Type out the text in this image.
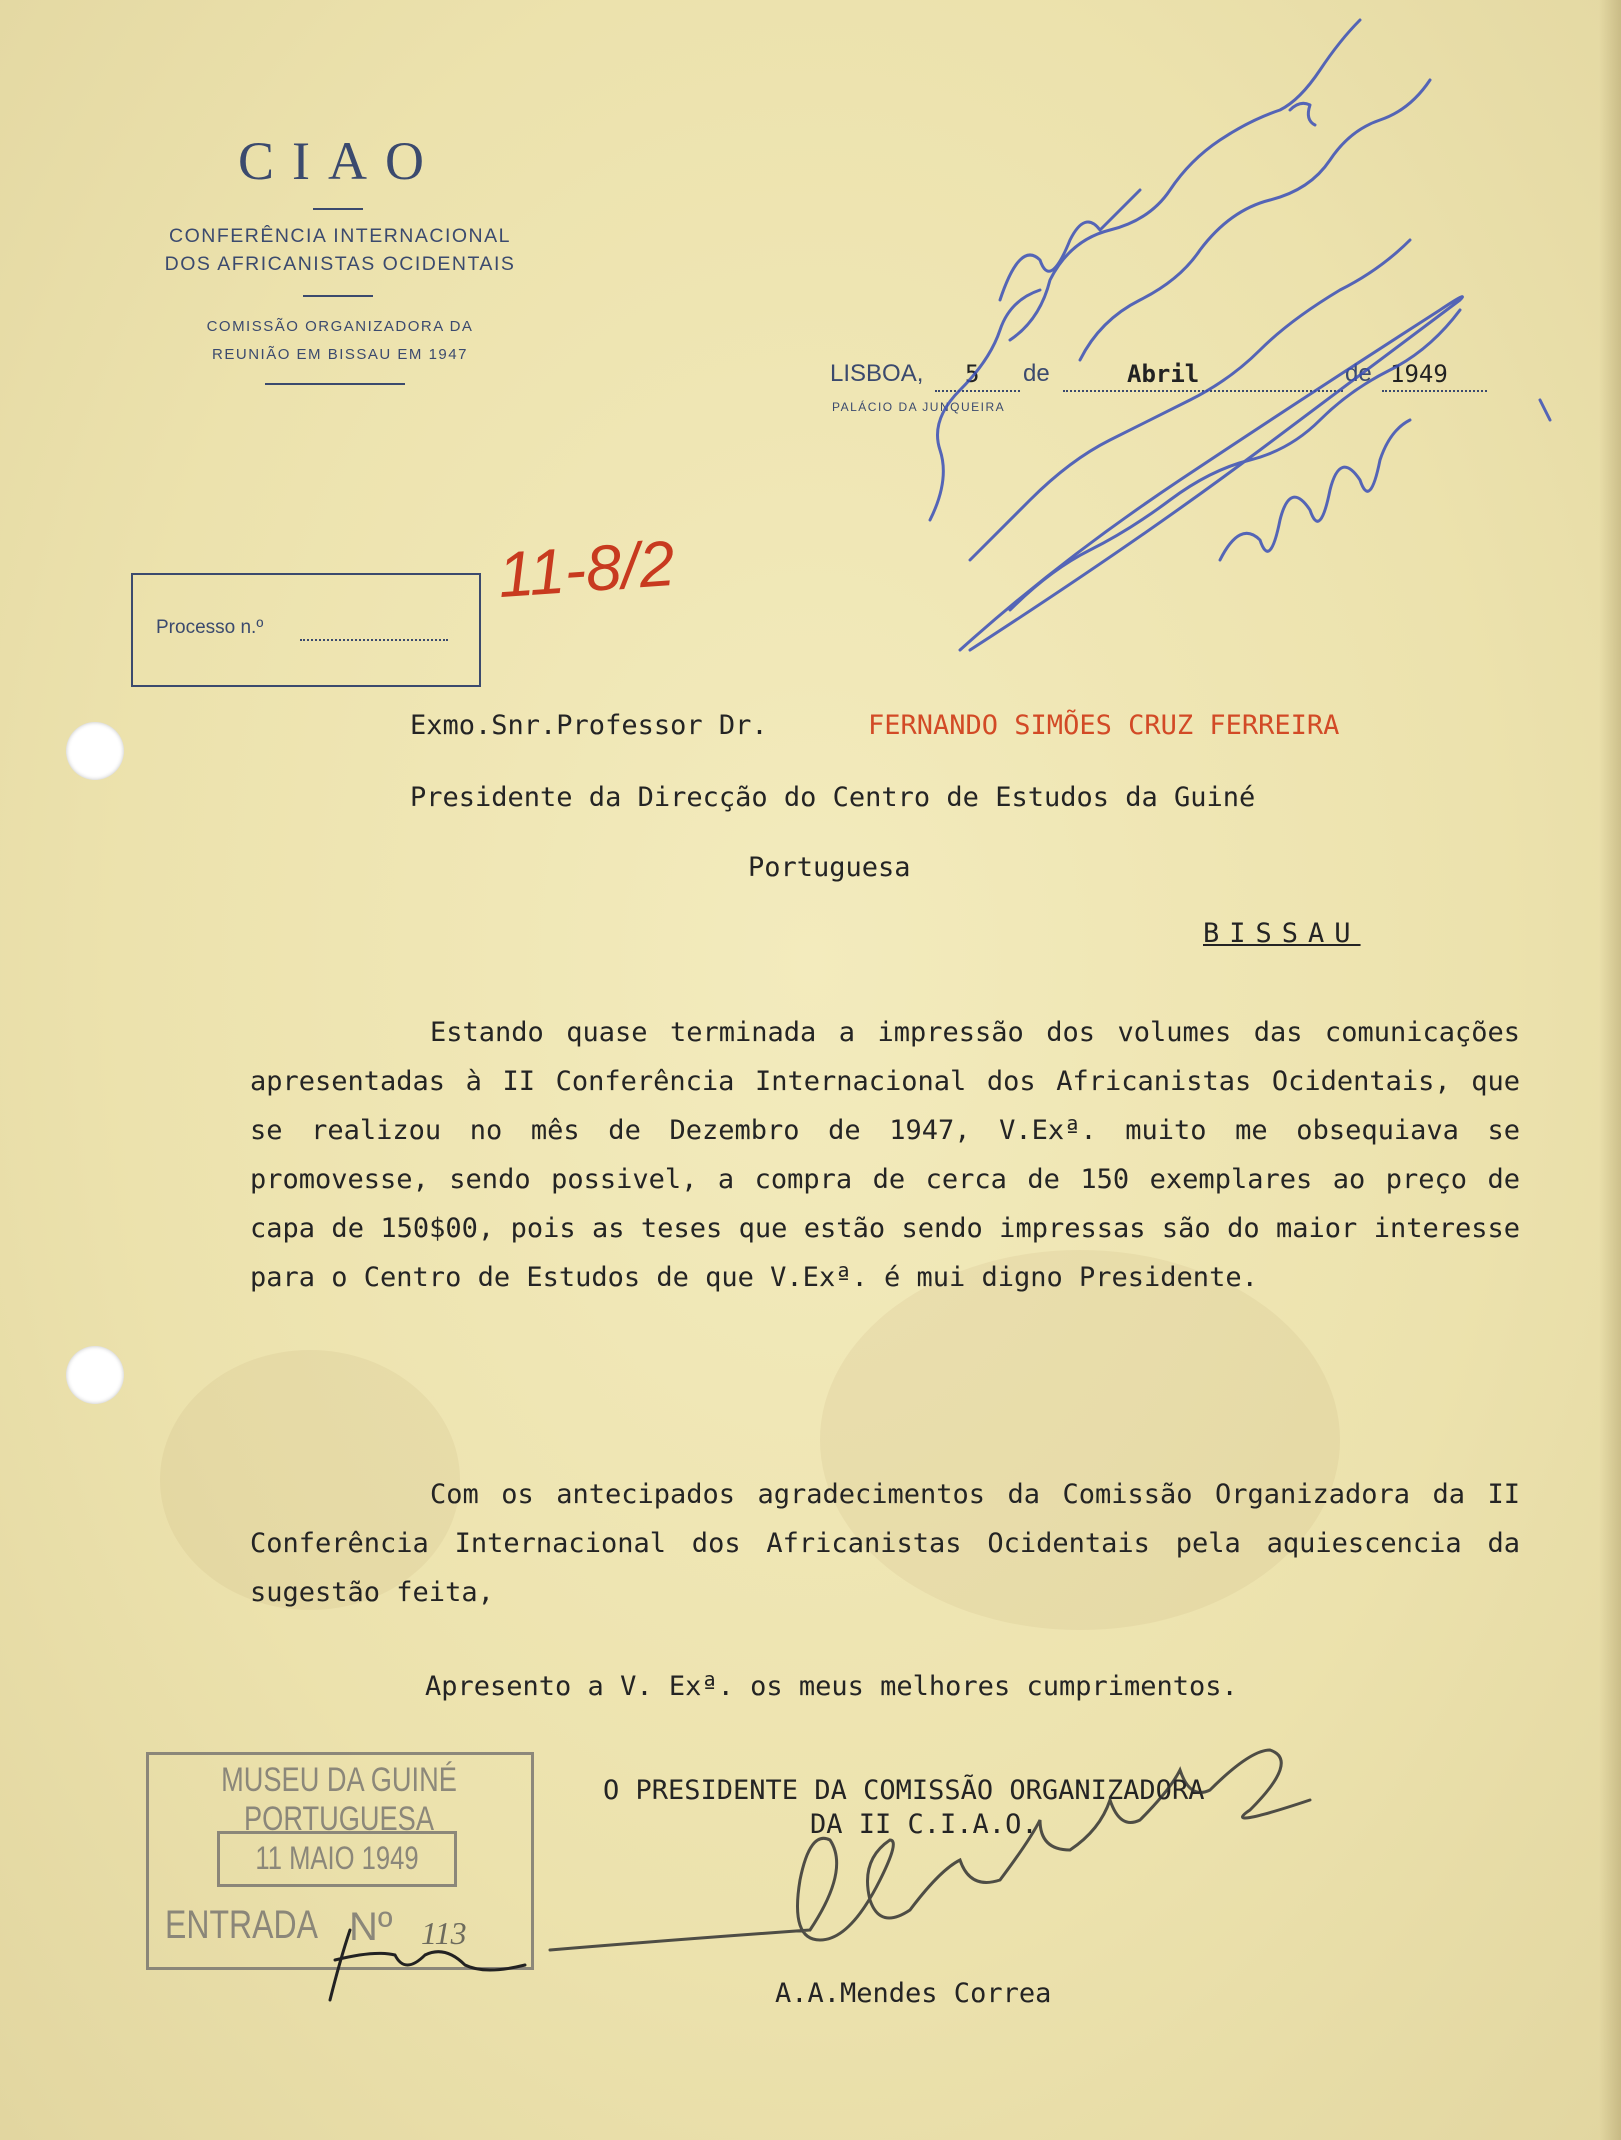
CIAO
CONFERÊNCIA INTERNACIONAL
DOS AFRICANISTAS OCIDENTAIS
COMISSÃO ORGANIZADORA DA
REUNIÃO EM BISSAU EM 1947
LISBOA, 5 de	Abril	de 1949
PALÁCIO DA JUNQUEIRA
Processo n.º
11-8/2
Exmo.Snr.Professor Dr.	FERNANDO SIMÕES CRUZ FERREIRA
Presidente da Direcção do Centro de Estudos da Guiné
Portuguesa
BISSAU
Estando quase terminada a impressão dos volumes das comunicações apresentadas à II Conferência Internacional dos Africanistas Ocidentais, que se realizou no mês de Dezembro de 1947, V.Exª. muito me obsequiava se promovesse, sendo possivel, a compra de cerca de 150 exemplares ao preço de capa de 150$00, pois as teses que estão sendo impressas são do maior interesse para o Centro de Estudos de que V.Exª. é mui digno Presidente.
Com os antecipados agradecimentos da Comissão Organizadora da II Conferência Internacional dos Africanistas Ocidentais pela aquiescencia da sugestão feita,
Apresento a V. Exª. os meus melhores cumprimentos.
O PRESIDENTE DA COMISSÃO ORGANIZADORA
DA II C.I.A.O.
A.A.Mendes Correa
MUSEU DA GUINÉ PORTUGUESA
11 MAIO 1949
ENTRADA Nº 113
